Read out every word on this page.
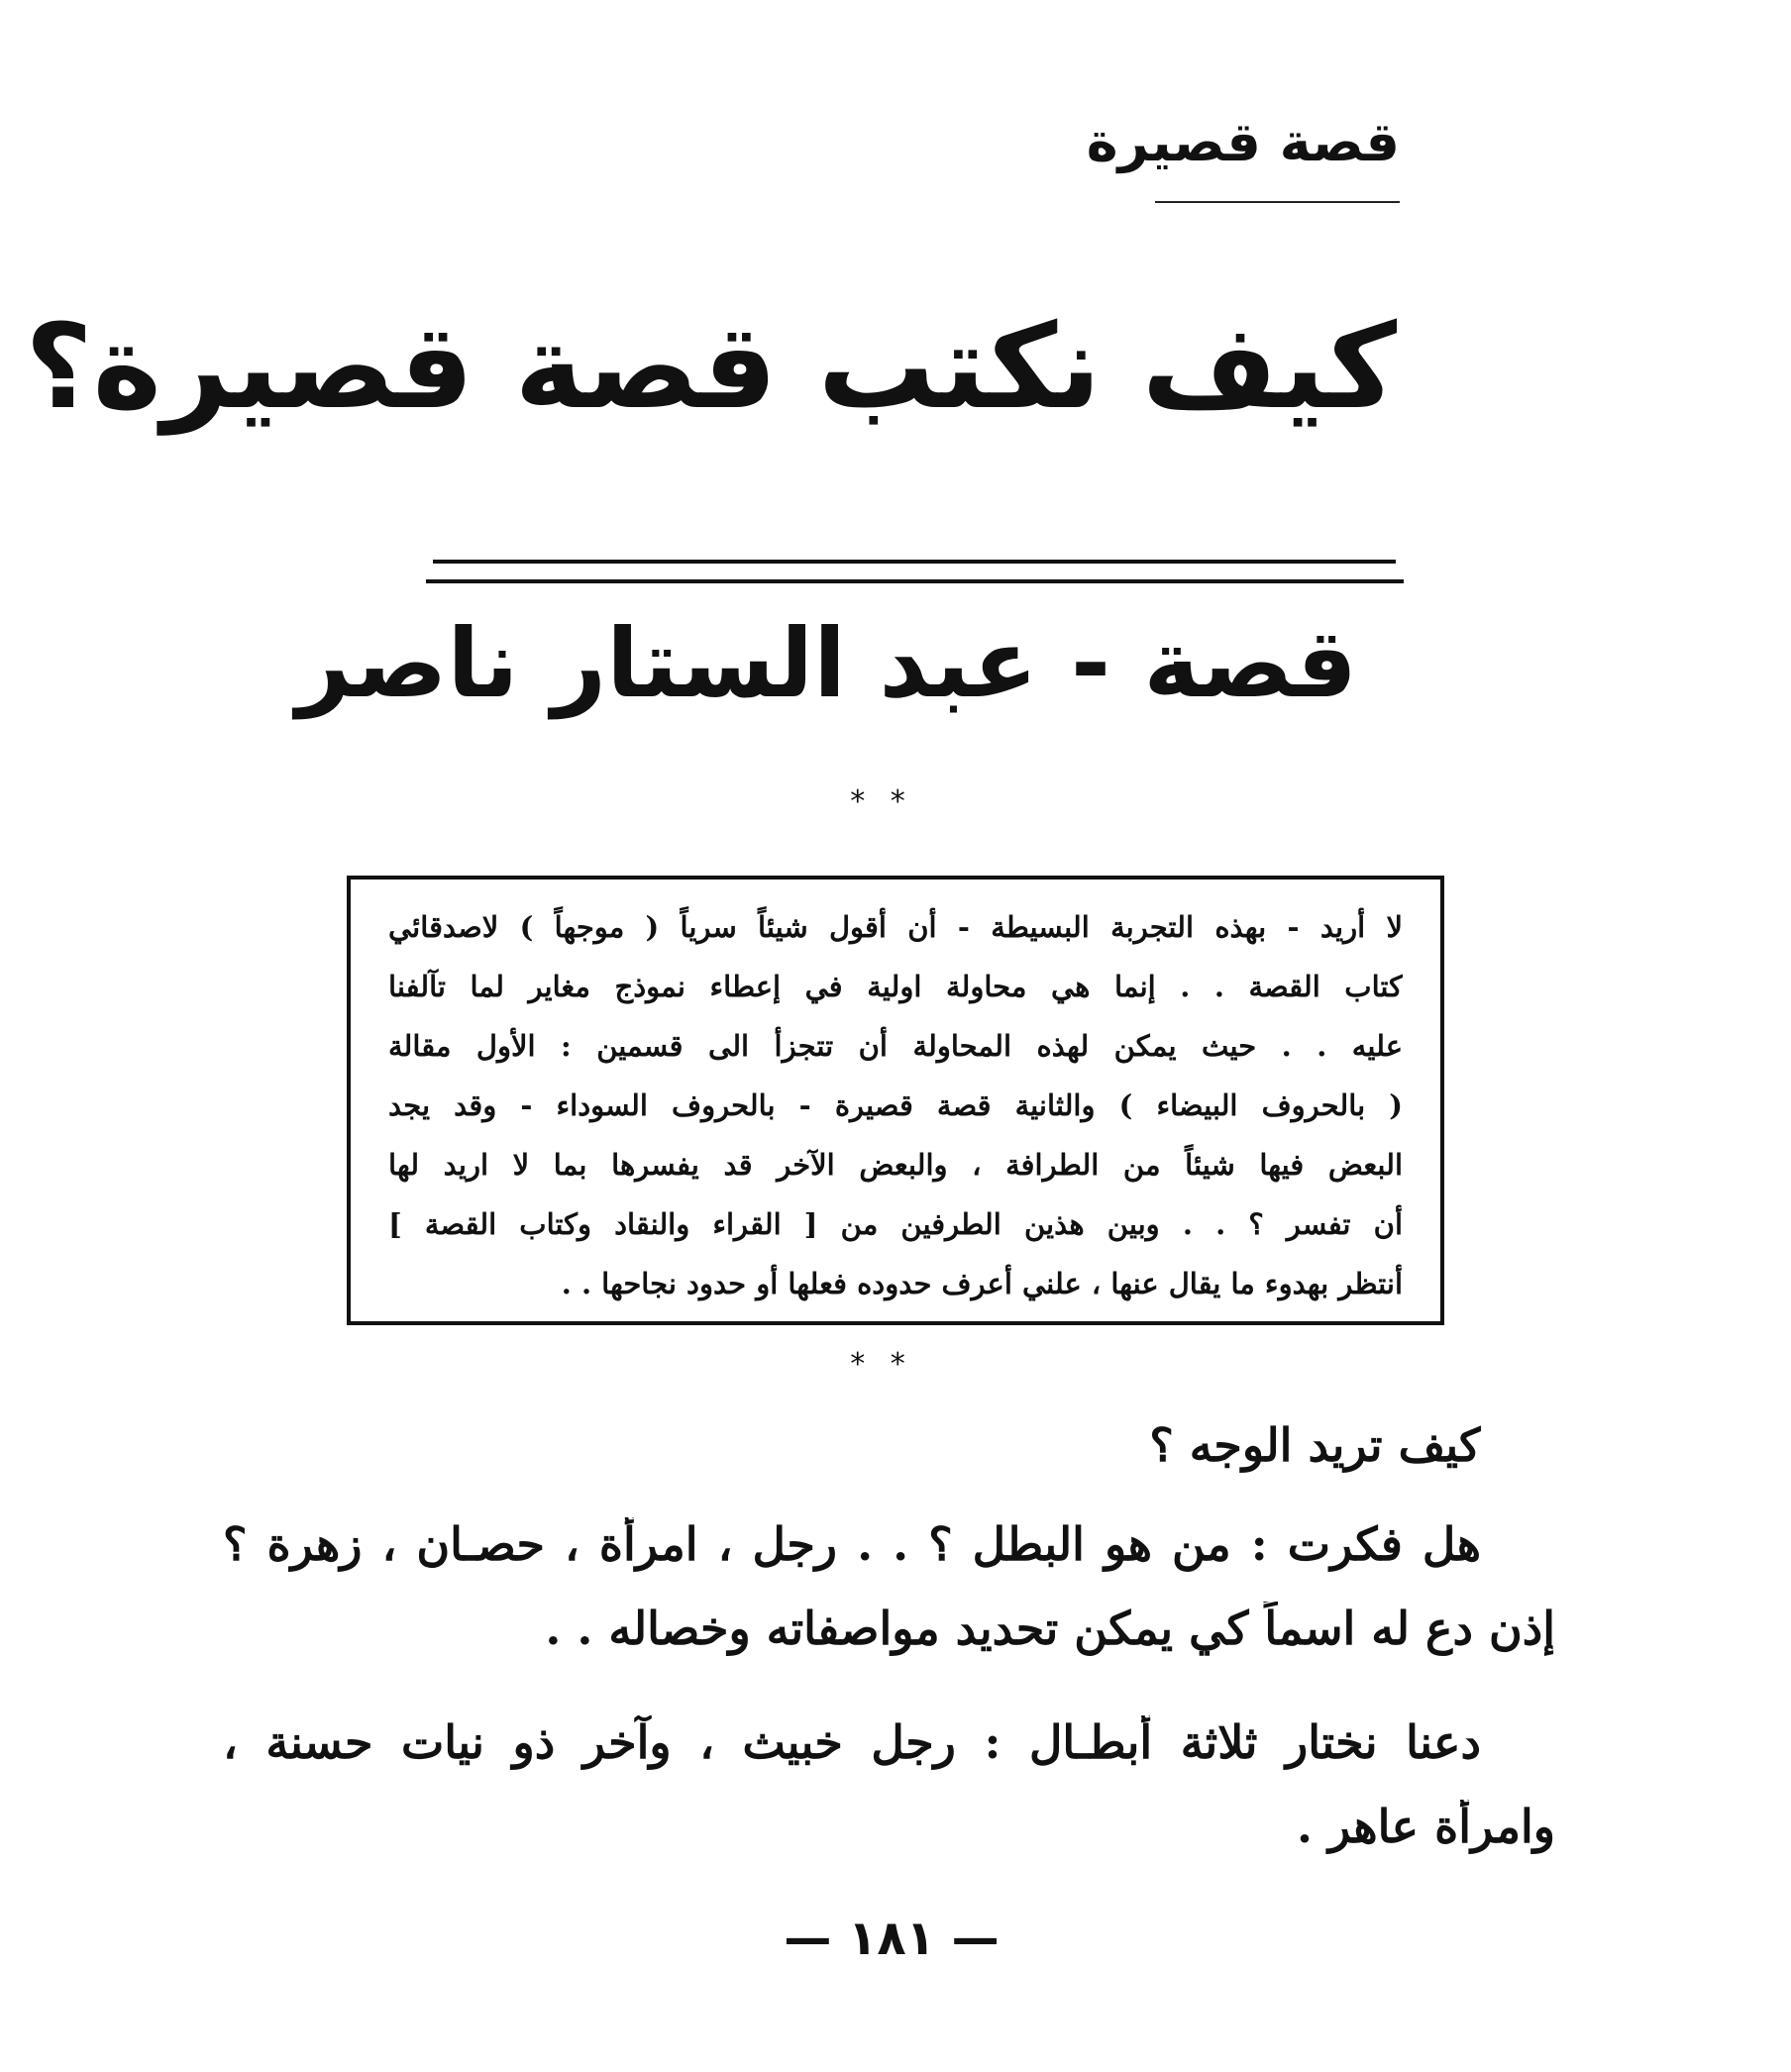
قصة قصيرة
كيف نكتب قصة قصيرة؟
قصة - عبد الستار ناصر
* *
لا أريد - بهذه التجربة البسيطة - أن أقول شيئاً سرياً ( موجهاً ) لاصدقائي
كتاب القصة . . إنما هي محاولة اولية في إعطاء نموذج مغاير لما تآلفنا
عليه . . حيث يمكن لهذه المحاولة أن تتجزأ الى قسمين : الأول مقالة
( بالحروف البيضاء ) والثانية قصة قصيرة - بالحروف السوداء - وقد يجد
البعض فيها شيئاً من الطرافة ، والبعض الآخر قد يفسرها بما لا اريد لها
أن تفسر ؟ . . وبين هذين الطرفين من [ القراء والنقاد وكتاب القصة ]
أنتظر بهدوء ما يقال عنها ، علني أعرف حدوده فعلها أو حدود نجاحها . .
* *
كيف تريد الوجه ؟
هل فكرت : من هو البطل ؟ . . رجل ، امرأة ، حصـان ، زهرة ؟
إذن دع له اسماً كي يمكن تحديد مواصفاته وخصاله . .
دعنا نختار ثلاثة أبطـال : رجل خبيث ، وآخر ذو نيات حسنة ،
وامرأة عاهر .
— ١٨١ —
